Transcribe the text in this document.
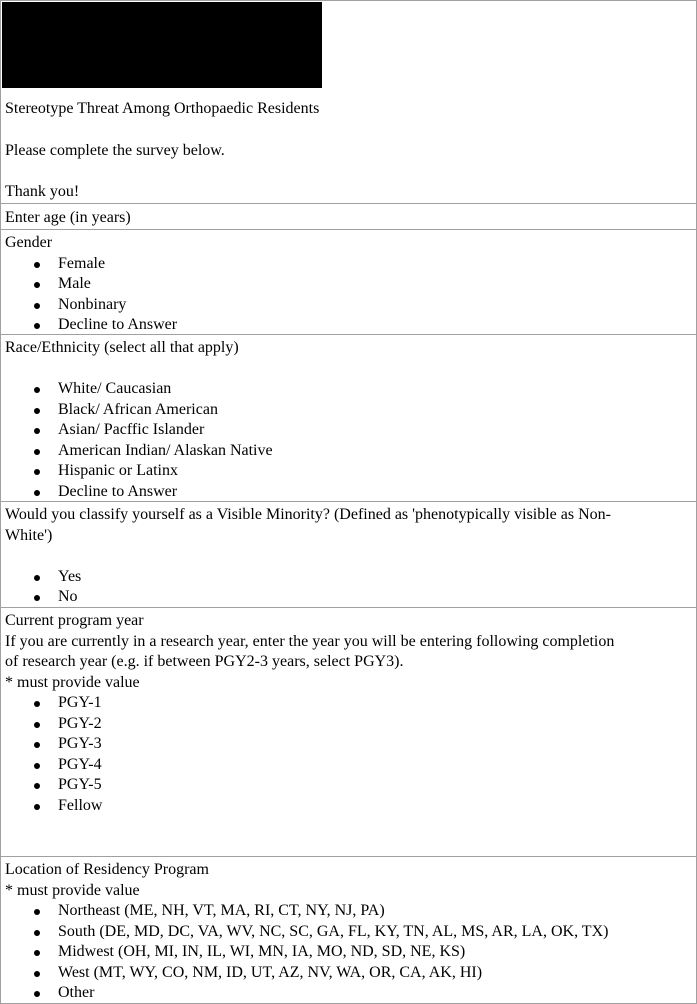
Stereotype Threat Among Orthopaedic Residents

Please complete the survey below.

Thank you!

Enter age (in years)
Gender
Female
Male
Nonbinary
Decline to Answer
Race/Ethnicity (select all that apply)
White/ Caucasian
Black/ African American
Asian/ Pacffic Islander
American Indian/ Alaskan Native
Hispanic or Latinx
Decline to Answer
Would you classify yourself as a Visible Minority? (Defined as 'phenotypically visible as Non-
White')
Yes
No
Current program year
If you are currently in a research year, enter the year you will be entering following completion
of research year (e.g. if between PGY2-3 years, select PGY3).
* must provide value
PGY-1
PGY-2
PGY-3
PGY-4
PGY-5
Fellow
Location of Residency Program
* must provide value
Northeast (ME, NH, VT, MA, RI, CT, NY, NJ, PA)
South (DE, MD, DC, VA, WV, NC, SC, GA, FL, KY, TN, AL, MS, AR, LA, OK, TX)
Midwest (OH, MI, IN, IL, WI, MN, IA, MO, ND, SD, NE, KS)
West (MT, WY, CO, NM, ID, UT, AZ, NV, WA, OR, CA, AK, HI)
Other
